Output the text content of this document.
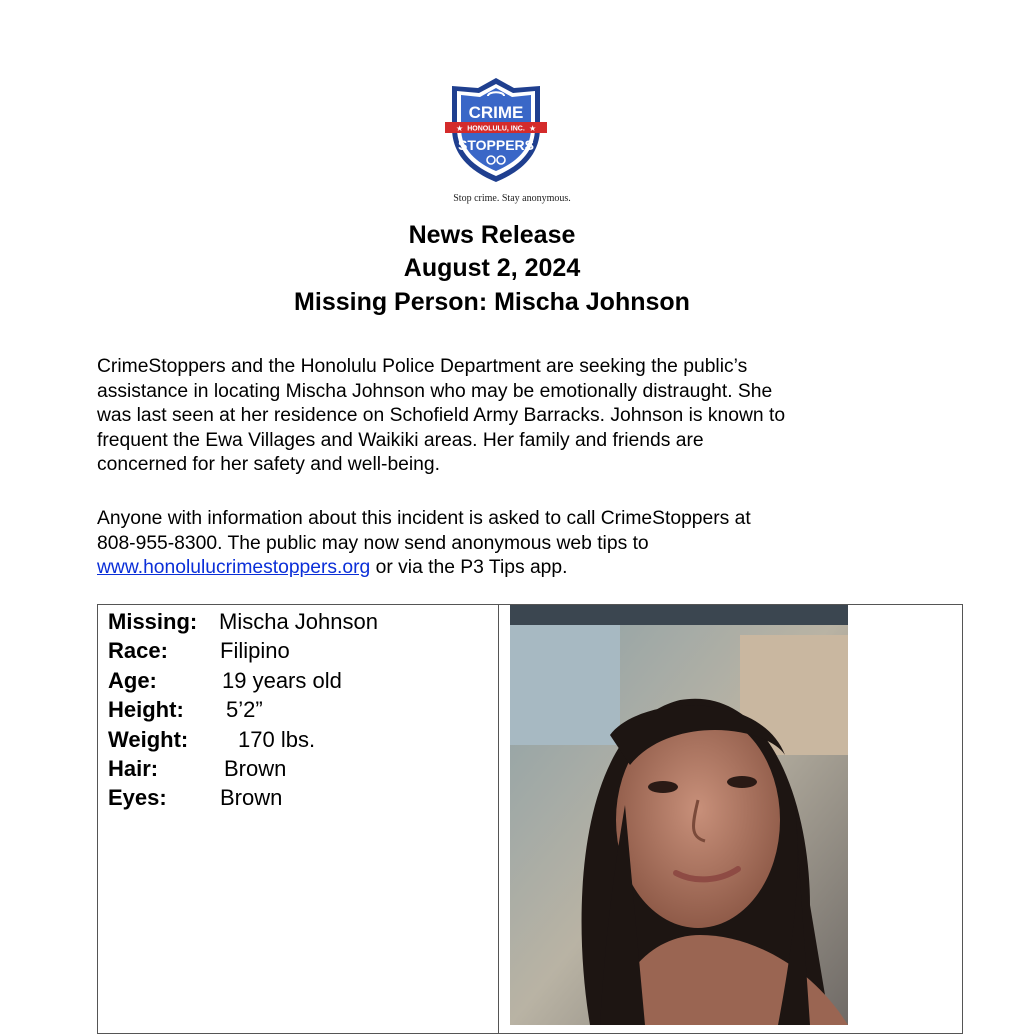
CRIME
HONOLULU, INC.
★	★
STOPPERS
Stop crime. Stay anonymous.
News Release
August 2, 2024
Missing Person: Mischa Johnson
CrimeStoppers and the Honolulu Police Department are seeking the public’s
assistance in locating Mischa Johnson who may be emotionally distraught. She
was last seen at her residence on Schofield Army Barracks. Johnson is known to
frequent the Ewa Villages and Waikiki areas. Her family and friends are
concerned for her safety and well-being.
Anyone with information about this incident is asked to call CrimeStoppers at
808-955-8300. The public may now send anonymous web tips to
www.honolulucrimestoppers.org or via the P3 Tips app.
Missing: Mischa Johnson
Race: Filipino
Age:	19 years old
Height: 5’2”
Weight: 170 lbs.
Hair:	Brown
Eyes: Brown
